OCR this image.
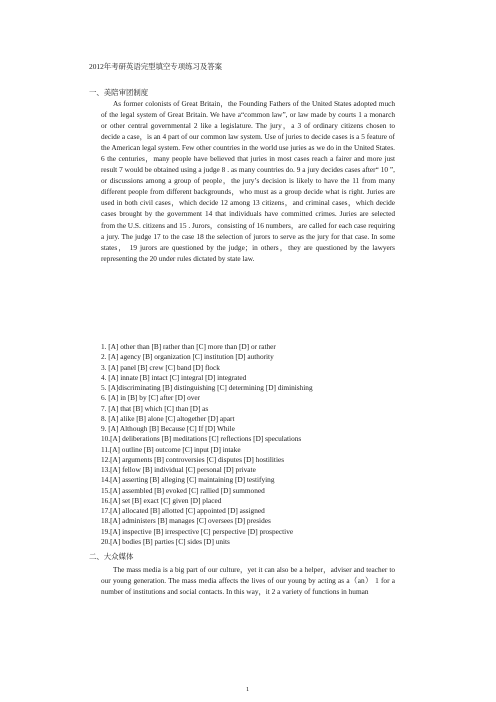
2012年考研英语完型填空专项练习及答案
一、美陪审团制度

As former colonists of Great Britain，the Founding Fathers of the United States adopted much of the legal system of Great Britain. We have a“common law”, or law made by courts 1 a monarch or other central governmental 2 like a legislature. The jury，a 3 of ordinary citizens chosen to decide a case，is an 4 part of our common law system. Use of juries to decide cases is a 5 feature of the American legal system. Few other countries in the world use juries as we do in the United States. 6 the centuries，many people have believed that juries in most cases reach a fairer and more just result 7 would be obtained using a judge 8 . as many countries do. 9 a jury decides cases after“ 10 ”, or discussions among a group of people，the jury’s decision is likely to have the 11 from many different people from different backgrounds，who must as a group decide what is right. Juries are used in both civil cases，which decide 12 among 13 citizens，and criminal cases，which decide cases brought by the government 14 that individuals have committed crimes. Juries are selected from the U.S. citizens and 15 . Jurors，consisting of 16 numbers，are called for each case requiring a jury. The judge 17 to the case 18 the selection of jurors to serve as the jury for that case. In some states， 19 jurors are questioned by the judge；in others，they are questioned by the lawyers representing the 20 under rules dictated by state law.

1. [A] other than [B] rather than [C] more than [D] or rather
2. [A] agency [B] organization [C] institution [D] authority
3. [A] panel [B] crew [C] band [D] flock
4. [A] innate [B] intact [C] integral [D] integrated
5. [A]discriminating [B] distinguishing [C] determining [D] diminishing
6. [A] in [B] by [C] after [D] over
7. [A] that [B] which [C] than [D] as
8. [A] alike [B] alone [C] altogether [D] apart
9. [A] Although [B] Because [C] If [D] While
10.[A] deliberations [B] meditations [C] reflections [D] speculations
11.[A] outline [B] outcome [C] input [D] intake
12.[A] arguments [B] controversies [C] disputes [D] hostilities
13.[A] fellow [B] individual [C] personal [D] private
14.[A] asserting [B] alleging [C] maintaining [D] testifying
15.[A] assembled [B] evoked [C] rallied [D] summoned
16.[A] set [B] exact [C] given [D] placed
17.[A] allocated [B] allotted [C] appointed [D] assigned
18.[A] administers [B] manages [C] oversees [D] presides
19.[A] inspective [B] irrespective [C] perspective [D] prospective
20.[A] bodies [B] parties [C] sides [D] units
二、大众媒体

The mass media is a big part of our culture，yet it can also be a helper，adviser and teacher to our young generation. The mass media affects the lives of our young by acting as a（an） 1 for a number of institutions and social contacts. In this way，it 2 a variety of functions in human

1
